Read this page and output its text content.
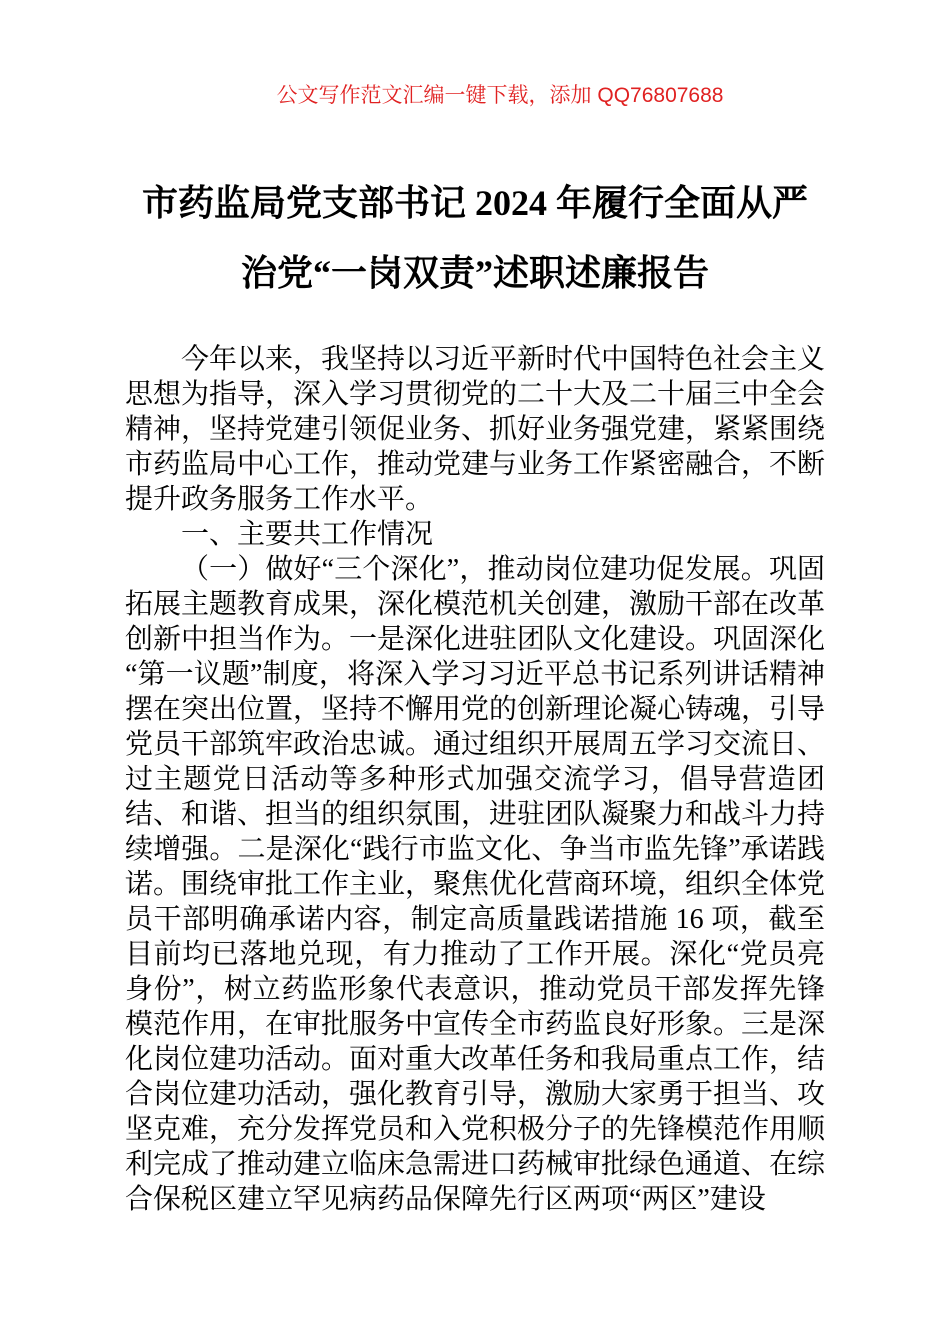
公文写作范文汇编一键下载，添加 QQ76807688
市药监局党支部书记 2024 年履行全面从严
治党“一岗双责”述职述廉报告

今年以来，我坚持以习近平新时代中国特色社会主义思想为指导，深入学习贯彻党的二十大及二十届三中全会精神，坚持党建引领促业务、抓好业务强党建，紧紧围绕市药监局中心工作，推动党建与业务工作紧密融合，不断提升政务服务工作水平。

一、主要共工作情况

（一）做好“三个深化”，推动岗位建功促发展。巩固拓展主题教育成果，深化模范机关创建，激励干部在改革创新中担当作为。一是深化进驻团队文化建设。巩固深化“第一议题”制度，将深入学习习近平总书记系列讲话精神摆在突出位置，坚持不懈用党的创新理论凝心铸魂，引导党员干部筑牢政治忠诚。通过组织开展周五学习交流日、过主题党日活动等多种形式加强交流学习，倡导营造团结、和谐、担当的组织氛围，进驻团队凝聚力和战斗力持续增强。二是深化“践行市监文化、争当市监先锋”承诺践诺。围绕审批工作主业，聚焦优化营商环境，组织全体党员干部明确承诺内容，制定高质量践诺措施 16 项，截至目前均已落地兑现，有力推动了工作开展。深化“党员亮身份”，树立药监形象代表意识，推动党员干部发挥先锋模范作用，在审批服务中宣传全市药监良好形象。三是深化岗位建功活动。面对重大改革任务和我局重点工作，结合岗位建功活动，强化教育引导，激励大家勇于担当、攻坚克难，充分发挥党员和入党积极分子的先锋模范作用顺利完成了推动建立临床急需进口药械审批绿色通道、在综合保税区建立罕见病药品保障先行区两项“两区”建设
